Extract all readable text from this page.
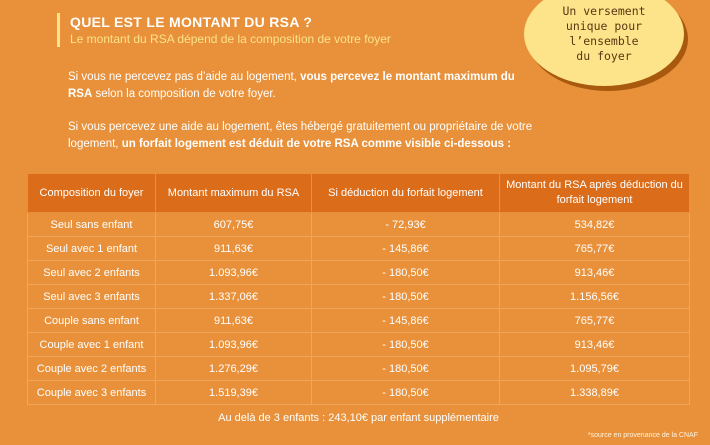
QUEL EST LE MONTANT DU RSA ?
Le montant du RSA dépend de la composition de votre foyer
Un versement
unique pour
l’ensemble
du foyer
Si vous ne percevez pas d’aide au logement, vous percevez le montant maximum du RSA selon la composition de votre foyer.
Si vous percevez une aide au logement, êtes hébergé gratuitement ou propriétaire de votre logement, un forfait logement est déduit de votre RSA comme visible ci-dessous :
Composition du foyer	Montant maximum du RSA	Si déduction du forfait logement	Montant du RSA après déduction du forfait logement
Seul sans enfant	607,75€	- 72,93€	534,82€
Seul avec 1 enfant	911,63€	- 145,86€	765,77€
Seul avec 2 enfants	1.093,96€	- 180,50€	913,46€
Seul avec 3 enfants	1.337,06€	- 180,50€	1.156,56€
Couple sans enfant	911,63€	- 145,86€	765,77€
Couple avec 1 enfant	1.093,96€	- 180,50€	913,46€
Couple avec 2 enfants	1.276,29€	- 180,50€	1.095,79€
Couple avec 3 enfants	1.519,39€	- 180,50€	1.338,89€
Au delà de 3 enfants : 243,10€ par enfant supplémentaire			
*source en provenance de la CNAF
